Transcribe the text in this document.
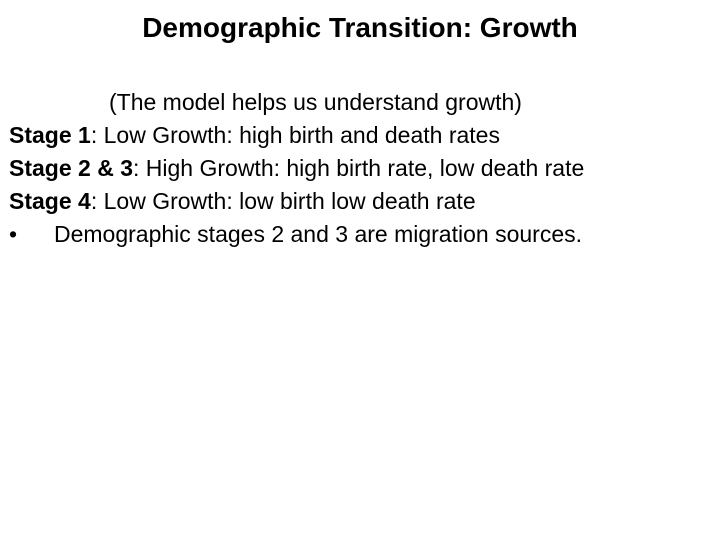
Demographic Transition: Growth
(The model helps us understand growth)
Stage 1: Low Growth: high birth and death rates
Stage 2 & 3: High Growth: high birth rate, low death rate
Stage 4: Low Growth: low birth low death rate
•	Demographic stages 2 and 3 are migration sources.
